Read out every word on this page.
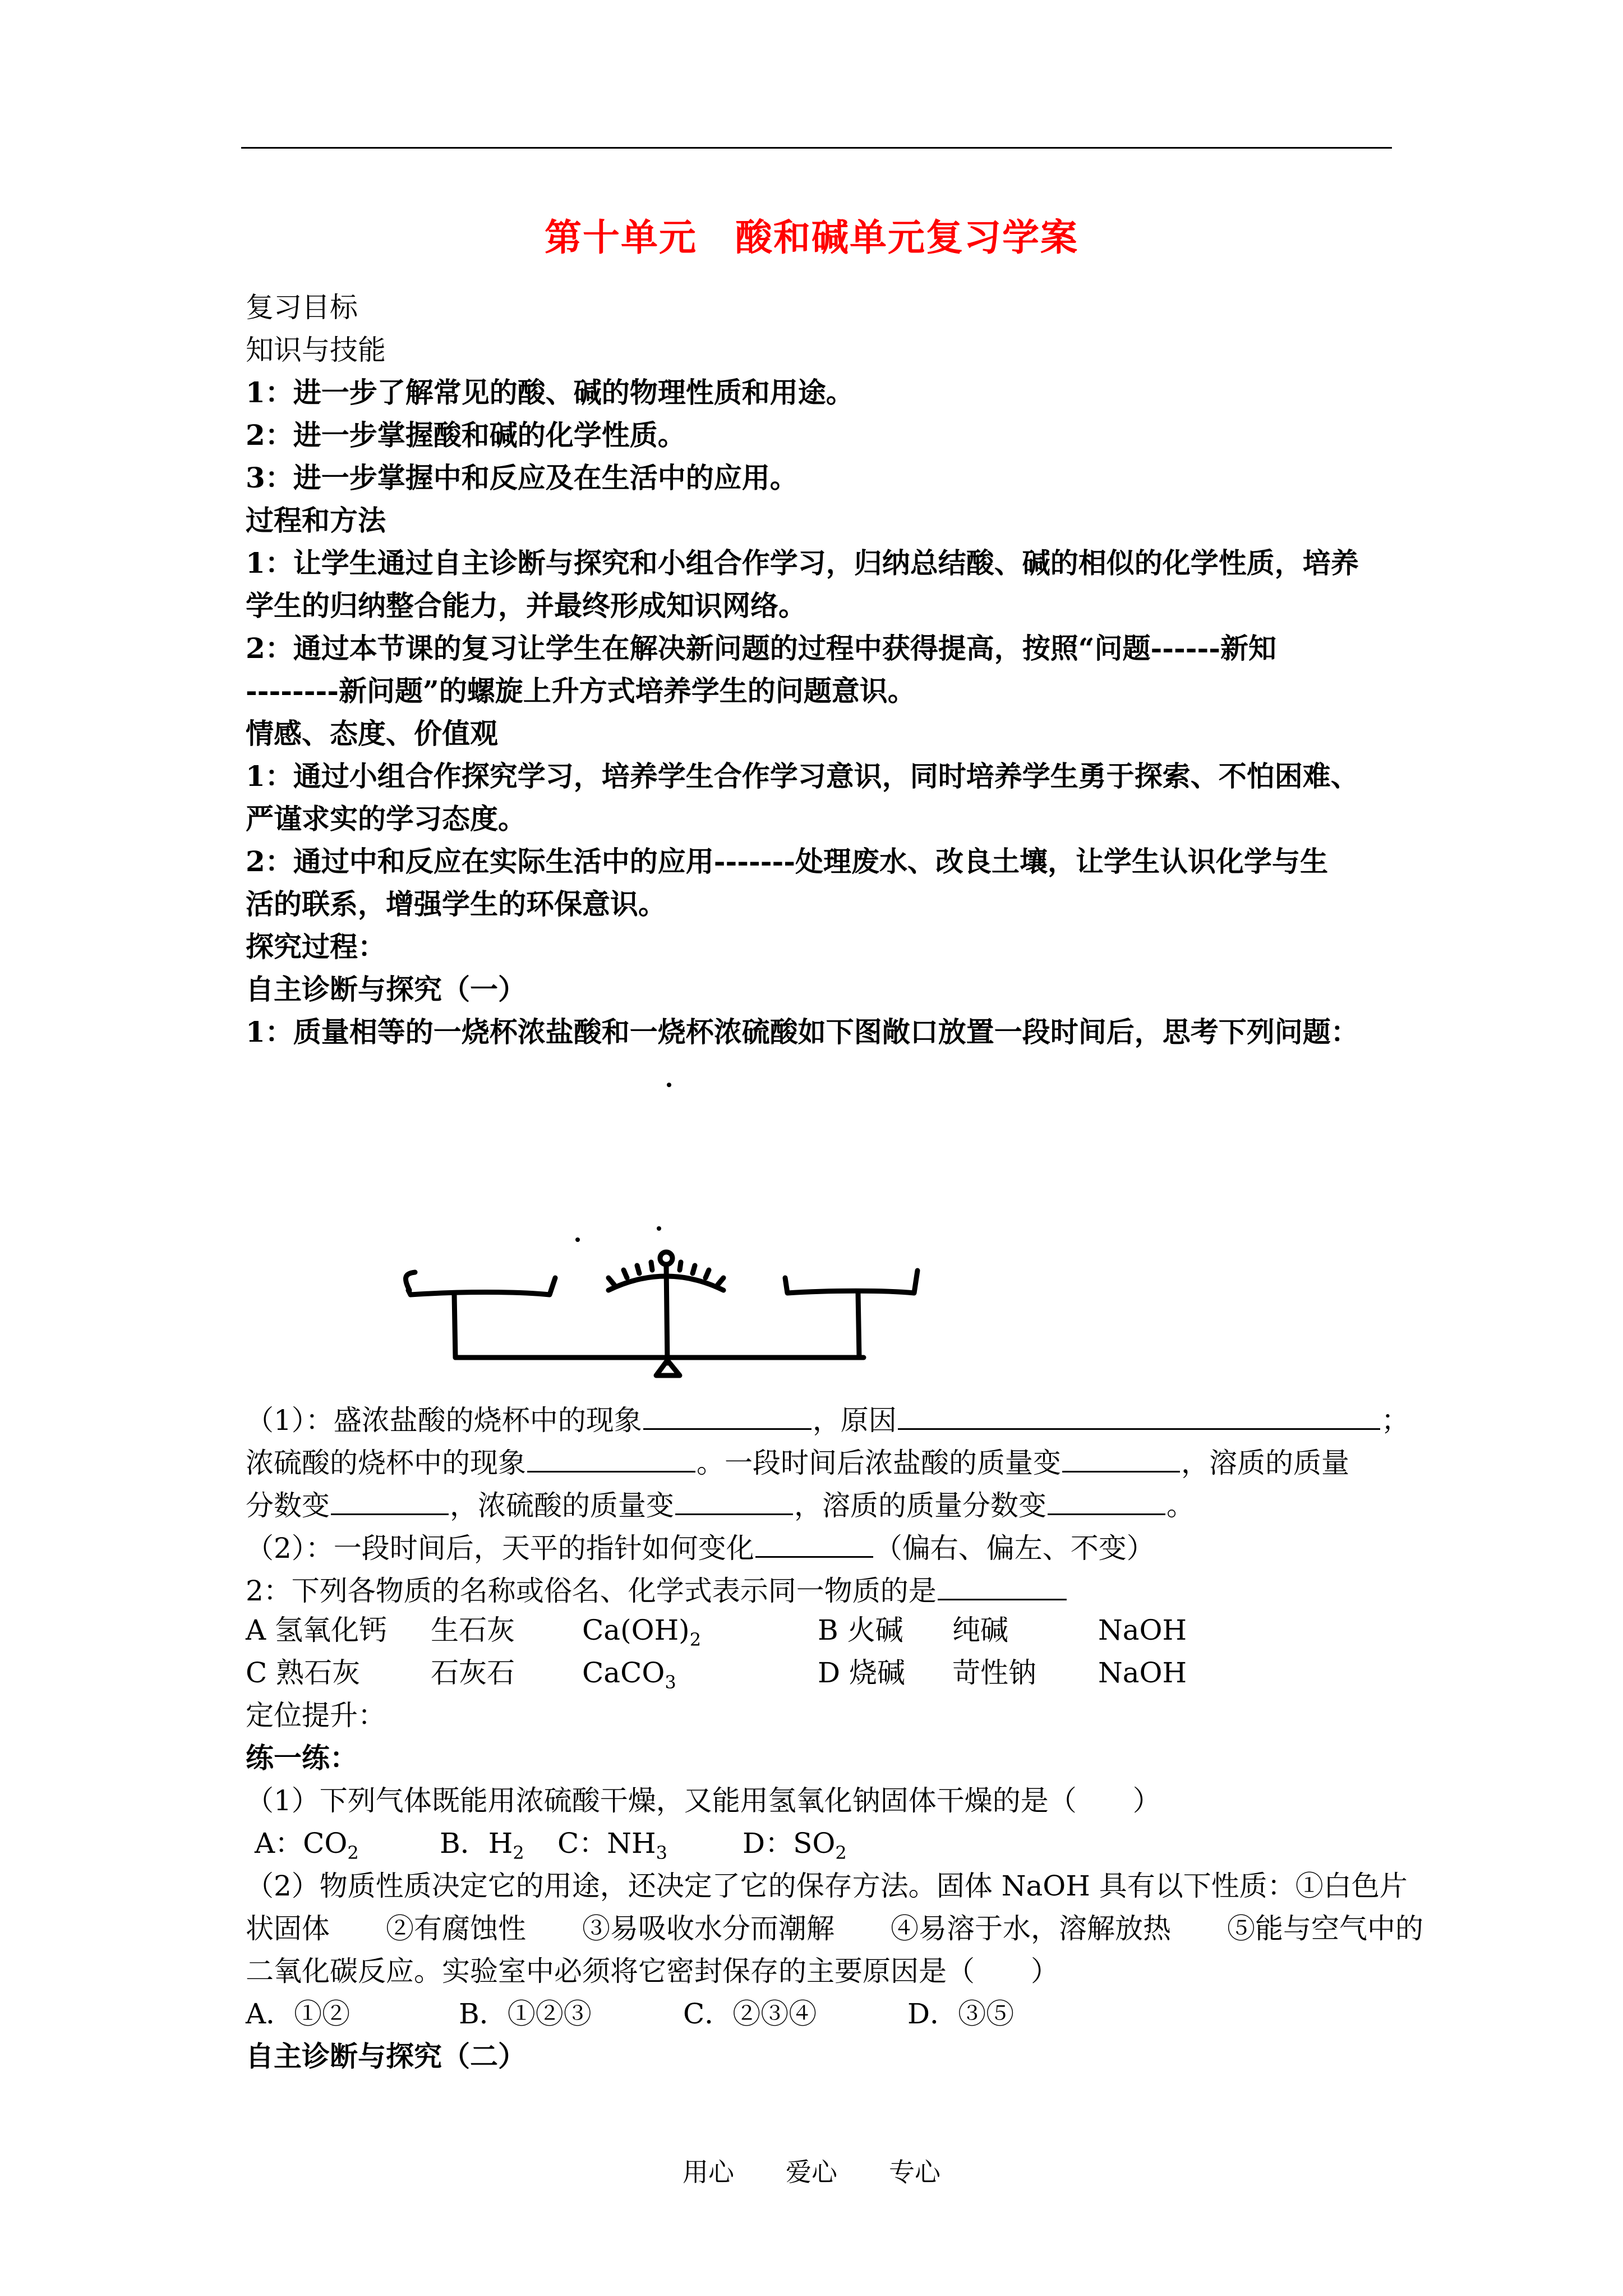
第十单元　酸和碱单元复习学案
复习目标
知识与技能
1：进一步了解常见的酸、碱的物理性质和用途。
2：进一步掌握酸和碱的化学性质。
3：进一步掌握中和反应及在生活中的应用。
过程和方法
1：让学生通过自主诊断与探究和小组合作学习，归纳总结酸、碱的相似的化学性质，培养
学生的归纳整合能力，并最终形成知识网络。
2：通过本节课的复习让学生在解决新问题的过程中获得提高，按照“问题------新知
--------新问题”的螺旋上升方式培养学生的问题意识。
情感、态度、价值观
1：通过小组合作探究学习，培养学生合作学习意识，同时培养学生勇于探索、不怕困难、
严谨求实的学习态度。
2：通过中和反应在实际生活中的应用-------处理废水、改良土壤，让学生认识化学与生
活的联系，增强学生的环保意识。
探究过程：
自主诊断与探究（一）
1：质量相等的一烧杯浓盐酸和一烧杯浓硫酸如下图敞口放置一段时间后，思考下列问题：
（1）：盛浓盐酸的烧杯中的现象	，原因	；
浓硫酸的烧杯中的现象	。一段时间后浓盐酸的质量变	，溶质的质量
分数变	，浓硫酸的质量变	，溶质的质量分数变	。
（2）：一段时间后，天平的指针如何变化	（偏右、偏左、不变）
2：下列各物质的名称或俗名、化学式表示同一物质的是
A 氢氧化钙 生石灰 $Ca(OH)_2$	B 火碱 纯碱	NaOH
C 熟石灰	石灰石 CaCO$_3$	D 烧碱 苛性钠 NaOH
定位提升：
练一练：
（1）下列气体既能用浓硫酸干燥，又能用氢氧化钠固体干燥的是（　　）
A：$CO_2$	B．$H_2$ C：$NH_3$	D：$SO_2$
（2）物质性质决定它的用途，还决定了它的保存方法。固体 NaOH 具有以下性质：①白色片
状固体　　②有腐蚀性　　③易吸收水分而潮解　　④易溶于水，溶解放热　　⑤能与空气中的
二氧化碳反应。实验室中必须将它密封保存的主要原因是（　　）
A．①②	B．①②③	C．②③④	D．③⑤
自主诊断与探究（二）
用心　　爱心　　专心
